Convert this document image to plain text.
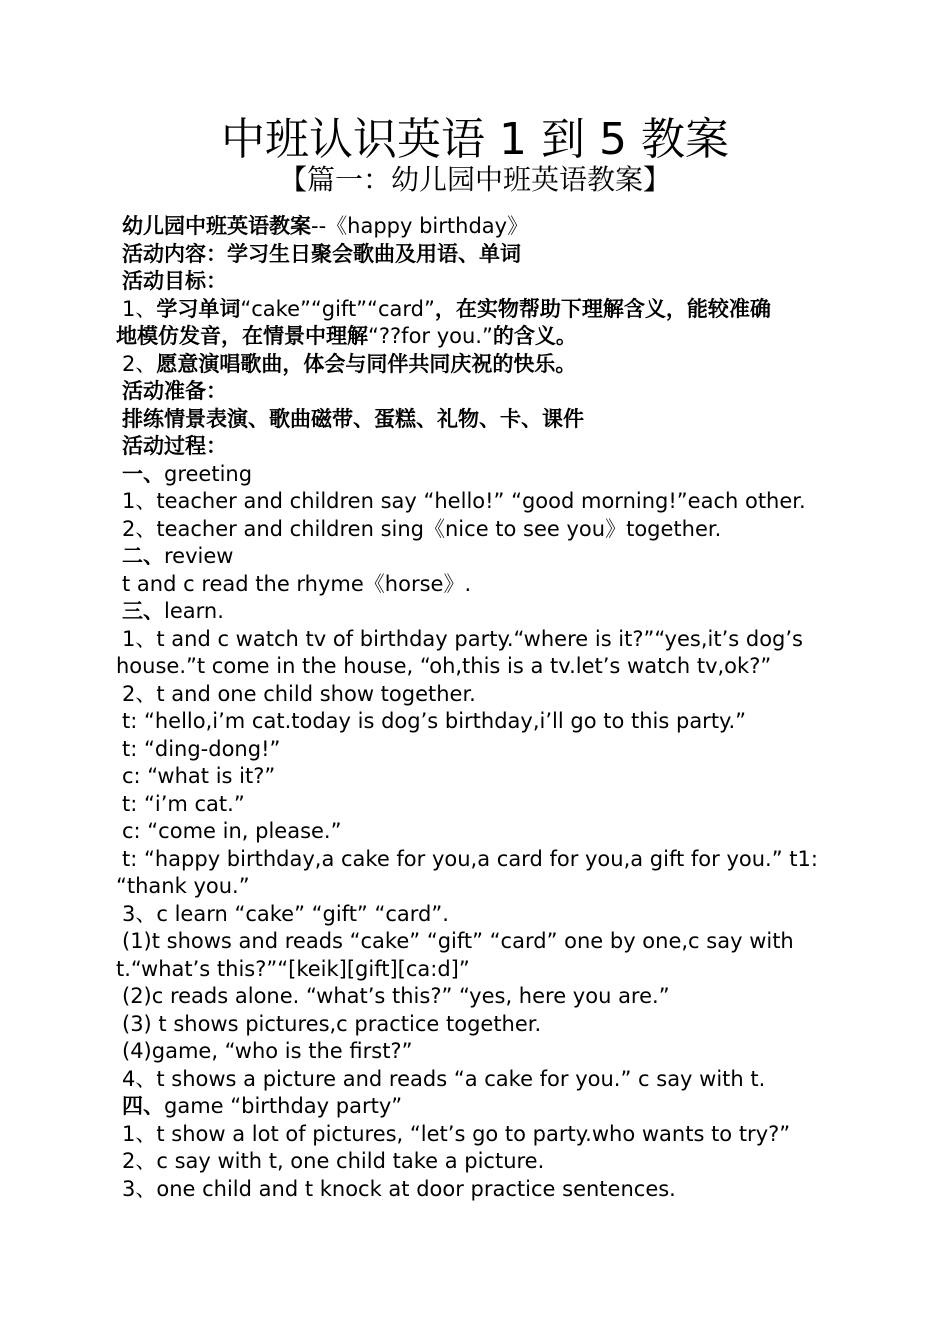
中班认识英语 1 到 5 教案
【篇一：幼儿园中班英语教案】
幼儿园中班英语教案--《happy birthday》
活动内容：学习生日聚会歌曲及用语、单词
活动目标：
1、学习单词“cake”“gift”“card”，在实物帮助下理解含义，能较准确
地模仿发音，在情景中理解“??for you.”的含义。
2、愿意演唱歌曲，体会与同伴共同庆祝的快乐。
活动准备：
排练情景表演、歌曲磁带、蛋糕、礼物、卡、课件
活动过程：
一、greeting
1、teacher and children say “hello!” “good morning!”each other.
2、teacher and children sing《nice to see you》together.
二、review
t and c read the rhyme《horse》.
三、learn.
1、t and c watch tv of birthday party.“where is it?”“yes,it’s dog’s
house.”t come in the house, “oh,this is a tv.let’s watch tv,ok?”
2、t and one child show together.
t: “hello,i’m cat.today is dog’s birthday,i’ll go to this party.”
t: “ding-dong!”
c: “what is it?”
t: “i’m cat.”
c: “come in, please.”
t: “happy birthday,a cake for you,a card for you,a gift for you.” t1:
“thank you.”
3、c learn “cake” “gift” “card”.
(1)t shows and reads “cake” “gift” “card” one by one,c say with
t.“what’s this?”“[keik][gift][ca:d]”
(2)c reads alone. “what’s this?” “yes, here you are.”
(3) t shows pictures,c practice together.
(4)game, “who is the first?”
4、t shows a picture and reads “a cake for you.” c say with t.
四、game “birthday party”
1、t show a lot of pictures, “let’s go to party.who wants to try?”
2、c say with t, one child take a picture.
3、one child and t knock at door practice sentences.
